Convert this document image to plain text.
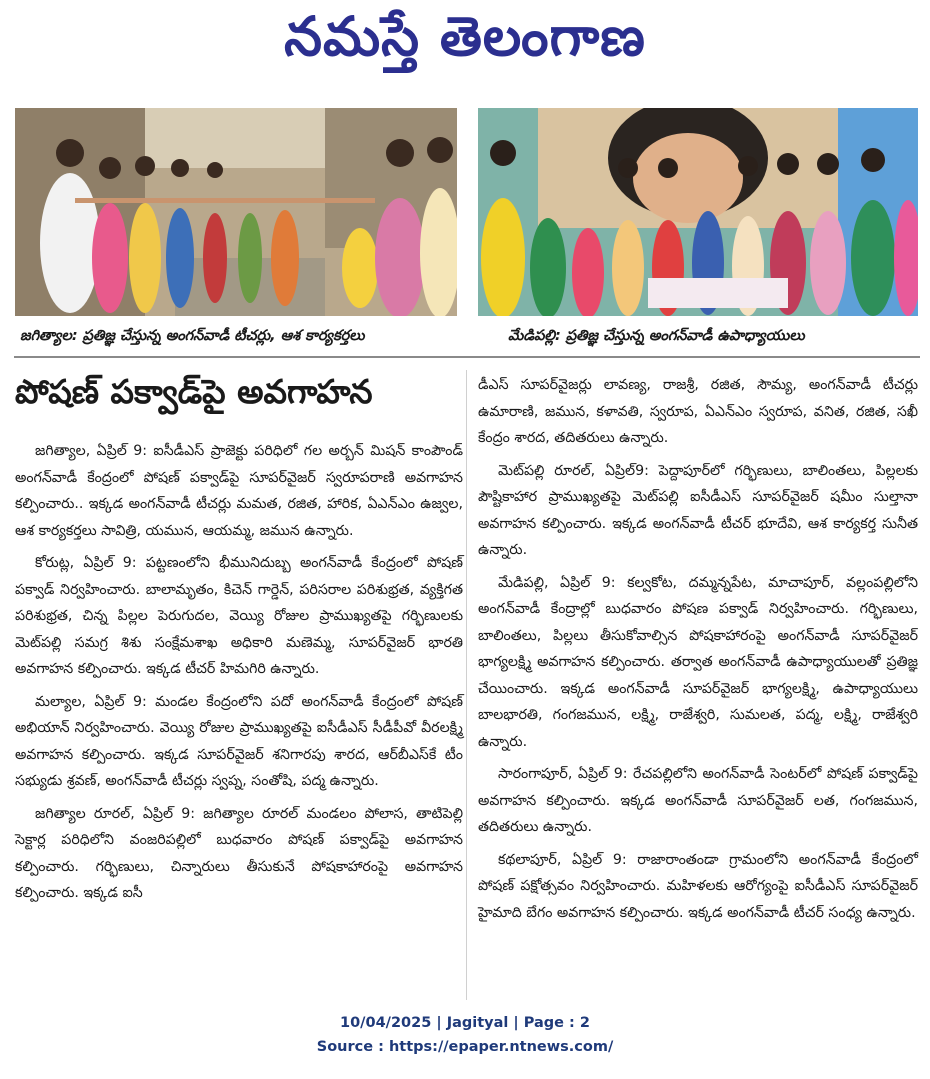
నమస్తే తెలంగాణ
జగిత్యాల: ప్రతిజ్ఞ చేస్తున్న అంగన్‌వాడీ టీచర్లు, ఆశ కార్యకర్తలు	మేడిపల్లి: ప్రతిజ్ఞ చేస్తున్న అంగన్‌వాడీ ఉపాధ్యాయులు
పోషణ్ పక్వాడ్‌పై అవగాహన

జగిత్యాల, ఏప్రిల్ 9: ఐసీడీఎస్ ప్రాజెక్టు పరిధిలో గల అర్బన్ మిషన్ కాంపౌండ్ అంగన్‌వాడీ కేంద్రంలో పోషణ్ పక్వాడ్‌పై సూపర్‌వైజర్ స్వరూపరాణి అవగాహన కల్పించారు.. ఇక్కడ అంగన్‌వాడీ టీచర్లు మమత, రజిత, హారిక, ఏఎన్ఎం ఉజ్వల, ఆశ కార్యకర్తలు సావిత్రి, యమున, ఆయమ్మ, జమున ఉన్నారు.

కోరుట్ల, ఏప్రిల్ 9: పట్టణంలోని భీమునిదుబ్బ అంగన్‌వాడీ కేంద్రంలో పోషణ్ పక్వాడ్ నిర్వహించారు. బాలామృతం, కిచెన్ గార్డెన్, పరిసరాల పరిశుభ్రత, వ్యక్తిగత పరిశుభ్రత, చిన్న పిల్లల పెరుగుదల, వెయ్యి రోజుల ప్రాముఖ్యతపై గర్భిణులకు మెట్‌పల్లి సమగ్ర శిశు సంక్షేమశాఖ అధికారి మణెమ్మ, సూపర్‌వైజర్ భారతి అవగాహన కల్పించారు. ఇక్కడ టీచర్ హిమగిరి ఉన్నారు.

మల్యాల, ఏప్రిల్ 9: మండల కేంద్రంలోని పదో అంగన్‌వాడీ కేంద్రంలో పోషణ్ అభియాన్ నిర్వహించారు. వెయ్యి రోజుల ప్రాముఖ్యతపై ఐసీడీఎస్ సీడీపీవో వీరలక్ష్మి అవగాహన కల్పించారు. ఇక్కడ సూపర్‌వైజర్ శనిగారపు శారద, ఆర్‌బీఎస్‌కే టీం సభ్యుడు శ్రవణ్, అంగన్‌వాడీ టీచర్లు స్వప్న, సంతోషి, పద్మ ఉన్నారు.

జగిత్యాల రూరల్, ఏప్రిల్ 9: జగిత్యాల రూరల్ మండలం పోలాస, తాటిపెల్లి సెక్టార్ల పరిధిలోని వంజరిపల్లిలో బుధవారం పోషణ్ పక్వాడ్‌పై అవగాహన కల్పించారు. గర్భిణులు, చిన్నారులు తీసుకునే పోషకాహారంపై అవగాహన కల్పించారు. ఇక్కడ ఐసీ

డీఎస్ సూపర్‌వైజర్లు లావణ్య, రాజశ్రీ, రజిత, సౌమ్య, అంగన్‌వాడీ టీచర్లు ఉమారాణి, జమున, కళావతి, స్వరూప, ఏఎన్ఎం స్వరూప, వనిత, రజిత, సఖీ కేంద్రం శారద, తదితరులు ఉన్నారు.

మెట్‌పల్లి రూరల్, ఏప్రిల్9: పెద్దాపూర్‌లో గర్భిణులు, బాలింతలు, పిల్లలకు పౌష్టికాహార ప్రాముఖ్యతపై మెట్‌పల్లి ఐసీడీఎస్ సూపర్‌వైజర్ షమీం సుల్తానా అవగాహన కల్పించారు. ఇక్కడ అంగన్‌వాడీ టీచర్ భూదేవి, ఆశ కార్యకర్త సునీత ఉన్నారు.

మేడిపల్లి, ఏప్రిల్ 9: కల్వకోట, దమ్మన్నపేట, మాచాపూర్, వల్లంపల్లిలోని అంగన్‌వాడీ కేంద్రాల్లో బుధవారం పోషణ పక్వాడ్ నిర్వహించారు. గర్భిణులు, బాలింతలు, పిల్లలు తీసుకోవాల్సిన పోషకాహారంపై అంగన్‌వాడీ సూపర్‌వైజర్ భాగ్యలక్ష్మి అవగాహన కల్పించారు. తర్వాత అంగన్‌వాడీ ఉపాధ్యాయులతో ప్రతిజ్ఞ చేయించారు. ఇక్కడ అంగన్‌వాడీ సూపర్‌వైజర్ భాగ్యలక్ష్మి, ఉపాధ్యాయులు బాలభారతి, గంగజమున, లక్ష్మి, రాజేశ్వరి, సుమలత, పద్మ, లక్ష్మి, రాజేశ్వరి ఉన్నారు.

సారంగాపూర్, ఏప్రిల్ 9: రేచపల్లిలోని అంగన్‌వాడీ సెంటర్‌లో పోషణ్ పక్వాడ్‌పై అవగాహన కల్పించారు. ఇక్కడ అంగన్‌వాడీ సూపర్‌వైజర్ లత, గంగజమున, తదితరులు ఉన్నారు.

కథలాపూర్, ఏప్రిల్ 9: రాజారాంతండా గ్రామంలోని అంగన్‌వాడీ కేంద్రంలో పోషణ్ పక్షోత్సవం నిర్వహించారు. మహిళలకు ఆరోగ్యంపై ఐసీడీఎస్ సూపర్‌వైజర్ హైమాది బేగం అవగాహన కల్పించారు. ఇక్కడ అంగన్‌వాడీ టీచర్ సంధ్య ఉన్నారు.

10/04/2025 | Jagityal | Page : 2
Source : https://epaper.ntnews.com/
